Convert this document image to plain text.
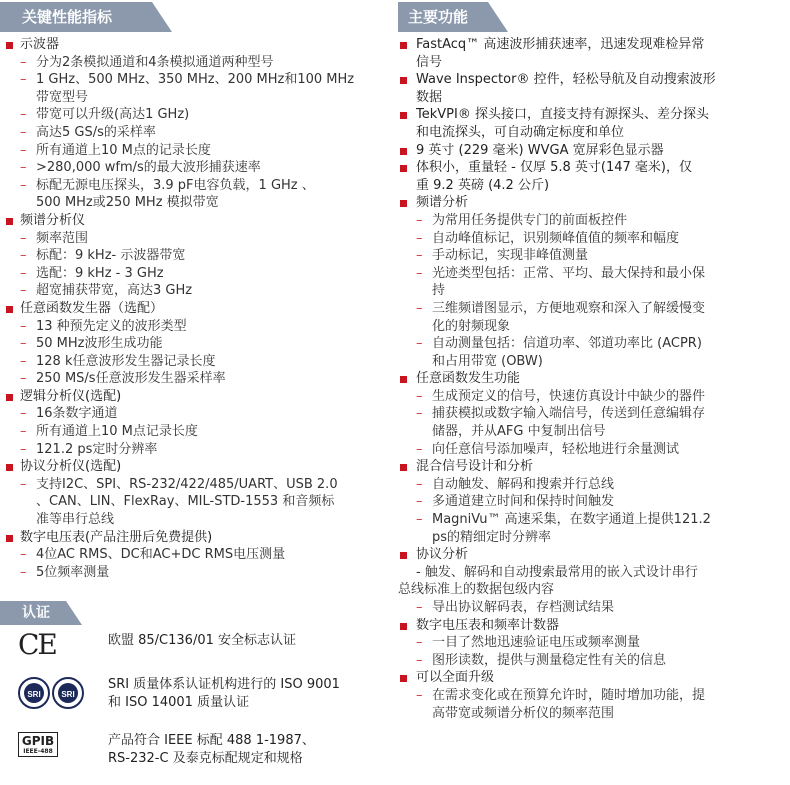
关键性能指标
示波器
– 分为2条模拟通道和4条模拟通道两种型号
– 1 GHz、500 MHz、350 MHz、200 MHz和100 MHz
带宽型号
– 带宽可以升级(高达1 GHz)
– 高达5 GS/s的采样率
– 所有通道上10 M点的记录长度
– >280,000 wfm/s的最大波形捕获速率
– 标配无源电压探头，3.9 pF电容负载，1 GHz 、
500 MHz或250 MHz 模拟带宽
频谱分析仪
– 频率范围
– 标配：9 kHz- 示波器带宽
– 选配：9 kHz - 3 GHz
– 超宽捕获带宽，高达3 GHz
任意函数发生器（选配）
– 13 种预先定义的波形类型
– 50 MHz波形生成功能
– 128 k任意波形发生器记录长度
– 250 MS/s任意波形发生器采样率
逻辑分析仪(选配)
– 16条数字通道
– 所有通道上10 M点记录长度
– 121.2 ps定时分辨率
协议分析仪(选配)
– 支持I2C、SPI、RS-232/422/485/UART、USB 2.0
、CAN、LIN、FlexRay、MIL-STD-1553 和音频标
准等串行总线
数字电压表(产品注册后免费提供)
– 4位AC RMS、DC和AC+DC RMS电压测量
– 5位频率测量
认证
CE	欧盟 85/C136/01 安全标志认证
SRI	SRI
SRI 质量体系认证机构进行的 ISO 9001
和 ISO 14001 质量认证
GPIB
IEEE-488
产品符合 IEEE 标配 488 1-1987、
RS-232-C 及泰克标配规定和规格
主要功能
FastAcq™ 高速波形捕获速率，迅速发现难检异常
信号
Wave Inspector® 控件，轻松导航及自动搜索波形
数据
TekVPI® 探头接口，直接支持有源探头、差分探头
和电流探头，可自动确定标度和单位
9 英寸 (229 毫米) WVGA 宽屏彩色显示器
体积小，重量轻 - 仅厚 5.8 英寸(147 毫米)，仅
重 9.2 英磅 (4.2 公斤)
频谱分析
– 为常用任务提供专门的前面板控件
– 自动峰值标记，识别频峰值值的频率和幅度
– 手动标记，实现非峰值测量
– 光迹类型包括：正常、平均、最大保持和最小保
持
– 三维频谱图显示，方便地观察和深入了解缓慢变
化的射频现象
– 自动测量包括：信道功率、邻道功率比 (ACPR)
和占用带宽 (OBW)
任意函数发生功能
– 生成预定义的信号，快速仿真设计中缺少的器件
– 捕获模拟或数字输入端信号，传送到任意编辑存
储器，并从AFG 中复制出信号
– 向任意信号添加噪声，轻松地进行余量测试
混合信号设计和分析
– 自动触发、解码和搜索并行总线
– 多通道建立时间和保持时间触发
– MagniVu™ 高速采集，在数字通道上提供121.2
ps的精细定时分辨率
协议分析
- 触发、解码和自动搜索最常用的嵌入式设计串行
总线标准上的数据包级内容
– 导出协议解码表，存档测试结果
数字电压表和频率计数器
– 一目了然地迅速验证电压或频率测量
– 图形读数，提供与测量稳定性有关的信息
可以全面升级
– 在需求变化或在预算允许时，随时增加功能，提
高带宽或频谱分析仪的频率范围
